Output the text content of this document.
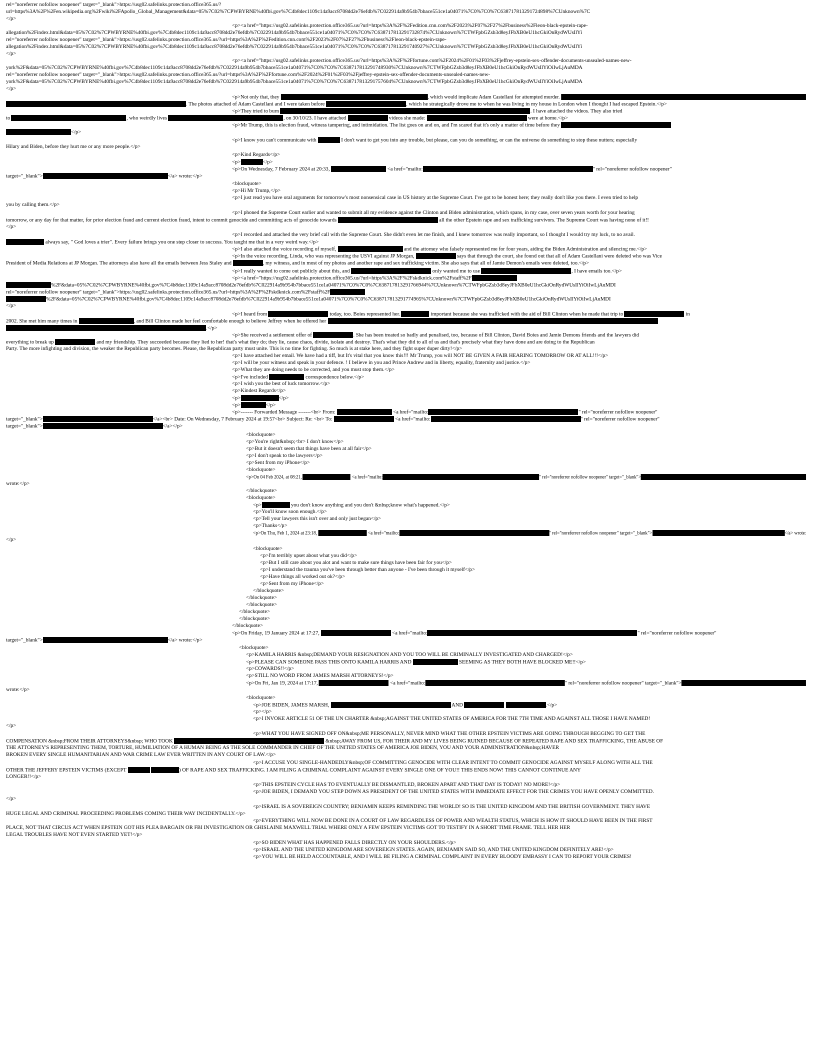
rel="noreferrer nofollow noopener" target="_blank">https://usg02.safelinks.protection.office365.us/?
url=https%3A%2F%2Fen.wikipedia.org%2Fwiki%2FApollo_Global_Management&data=05%7C02%7CPWBYRNE%40fbi.gov%7C4b8dec1109c14a9acc8708dd2e76efdb%7C022914a9b954b7bbace551ce1a04071%7C0%7C0%7C638717813291724898%7CUnknown%7C
</p>
<p><a href="https://usg02.safelinks.protection.office365.us/?url=https%3A%2F%2Fedition.cnn.com%2F2023%2F07%2F27%2Fbusiness%2Fleon-black-epstein-rape-
allegation%2Findex.html&data=05%7C02%7CPWBYRNE%40fbi.gov%7C4b8dec1109c14a9acc8708dd2e76efdb%7C022914a9b954b7bbace551ce1a04071%7C0%7C0%7C638717813291732874%7CUnknown%7CTWFpbGZsb3d8eyJFbXB0eU1hcGkiOnRydWUsIlYi
rel="noreferrer nofollow noopener" target="_blank">https://usg02.safelinks.protection.office365.us/?url=https%3A%2F%2Fedition.cnn.com%2F2023%2F07%2F27%2Fbusiness%2Fleon-black-epstein-rape-
allegation%2Findex.html&data=05%7C02%7CPWBYRNE%40fbi.gov%7C4b8dec1109c14a9acc8708dd2e76efdb%7C022914a9b954b7bbace551ce1a04071%7C0%7C0%7C638717813291740927%7CUnknown%7CTWFpbGZsb3d8eyJFbXB0eU1hcGkiOnRydWUsIlYi
</p>
<p><a href="https://usg02.safelinks.protection.office365.us/?url=https%3A%2F%2Ffortune.com%2F2024%2F01%2F03%2Fjeffrey-epstein-sex-offender-documents-unsealed-names-new-
york%2F&data=05%7C02%7CPWBYRNE%40fbi.gov%7C4b8dec1109c14a9acc8708dd2e76efdb%7C022914a9b954b7bbace551ce1a04071%7C0%7C0%7C638717813291748930%7CUnknown%7CTWFpbGZsb3d8eyJFbXB0eU1hcGkiOnRydWUsIlYiOiIwLjAuMDA
rel="noreferrer nofollow noopener" target="_blank">https://usg02.safelinks.protection.office365.us/?url=https%3A%2F%2Ffortune.com%2F2024%2F01%2F03%2Fjeffrey-epstein-sex-offender-documents-unsealed-names-new-
york%2F&data=05%7C02%7CPWBYRNE%40fbi.gov%7C4b8dec1109c14a9acc8708dd2e76efdb%7C022914a9b954b7bbace551ce1a04071%7C0%7C0%7C638717813291757604%7CUnknown%7CTWFpbGZsb3d8eyJFbXB0eU1hcGkiOnRydWUsIlYiOiIwLjAuMDA
</p>
<p>Not only that, they	, which would implicate Adam Castellani for attempted murder.
. The photos attached of Adam Castellani and I were taken before	, which he strategically drove me to when he was living in my house in London when I thought I had escaped Epstein.</p>
<p>They tried to burn	. I have attached the videos. They also tried
to	, who weirdly lives	, on 30/10/23. I have attached	videos she made:	were at home.</p>
<p>Mr Trump, this is election fraud, witness tampering, and intimidation. The list goes on and on, and I'm scared that it's only a matter of time before they
</p>
<p>I know you can't communicate with	I don't want to get you into any trouble, but please, can you do something, or can the universe do something to stop these nutters; especially
Hilary and Biden, before they hurt me or any more people.</p>
<p>Kind Regards</p>
<p>	</p>
<p>On Wednesday, 7 February 2024 at 20:33,	<a href="mailto:	" rel="noreferrer nofollow noopener"
target="_blank">	</a> wrote:</p>
<blockquote>
<p>Hi Mr Trump,</p>
<p>I just read you have oral arguments for tomorrow's most nonsensical case in US history at the Supreme Court. I've got to be honest here; they really don't like you there. I even tried to help
you by calling them.</p>
<p>I phoned the Supreme Court earlier and wanted to submit all my evidence against the Clinton and Biden administration, which spans, in my case, over seven years worth for your hearing
tomorrow, or any day for that matter, for prior election fraud and current election fraud, intent to commit genocide and committing acts of genocide towards	all the other Epstein rape and sex trafficking survivors. The Supreme Court was having none of it!!
</p>
<p>I recorded and attached the very brief call with the Supreme Court. She didn't even let me finish, and I knew tomorrow was really important, so I thought I would try my luck, to no avail.
always say, " God loves a trier". Every failure brings you one step closer to success. You taught me that in a very weird way.</p>
<p>I also attached the voice recording of myself,	and the attorney who falsely represented me for four years, aiding the Biden Administration and silencing me.</p>
<p>In the voice recording, Linda, who was representing the USVI against JP Morgan,	says that through the court, she found out that all of Adam Castellani were deleted who was Vice
President of Media Relations at JP Morgan. The attorneys also have all the emails between Jess Staley and	, my witness, and in most of my photos and another rape and sex trafficking victim. She also says that all of Jamie Demon's emails were deleted, too.</p>
<p>I really wanted to come out publicly about this, and	only wanted me to use	, I have emails too.</p>
<p><a href="https://usg02.safelinks.protection.office365.us/?url=https%3A%2F%2Fskdknick.com%2Fstaff%2F
%2F&data=05%7C02%7CPWBYRNE%40fbi.gov%7C4b8dec1109c14a9acc8708dd2e76efdb%7C022914a9b954b7bbace551ce1a04071%7C0%7C0%7C638717813291766944%7CUnknown%7CTWFpbGZsb3d8eyJFbXB0eU1hcGkiOnRydWUsIlYiOiIwLjAuMDI
rel="noreferrer nofollow noopener" target="_blank">https://usg02.safelinks.protection.office365.us/?url=https%3A%2F%2Fskdknick.com%2Fstaff%2F
%2F&data=05%7C02%7CPWBYRNE%40fbi.gov%7C4b8dec1109c14a9acc8708dd2e76efdb%7C022914a9b954b7bbace551ce1a04071%7C0%7C0%7C638717813291774965%7CUnknown%7CTWFpbGZsb3d8eyJFbXB0eU1hcGkiOnRydWUsIlYiOiIwLjAuMDI
</p>
<p>I heard from	today, too. Boies represented her.	important because she was trafficked with the aid of Bill Clinton when he made that trip to	in
2002. She met him many times in	, and Bill Clinton made her feel comfortable enough to believe Jeffrey when he offered her
.</p>
<p>She received a settlement offer of	. She has been treated so badly and penalised, too, because of Bill Clinton, David Boies and Jamie Demons friends and the lawyers did
everything to break up	and my friendship. They succeeded because they lied to her! that's what they do; they lie, cause chaos, divide, isolate and destroy. That's what they did to all of us and that's precisely what they have done and are doing to the Republican
Party. The more infighting and division, the weaker the Republican party becomes. Please, the Republican party must unite. This is no time for fighting. So much is at stake here, and they fight super duper dirty!</p>
<p>I have attached her email. We have had a tiff, but It's vital that you know this!!! Mr Trump, you will NOT BE GIVEN A FAIR HEARING TOMORROW OR AT ALL!!!</p>
<p>I will be your witness and speak in your defence. ! I believe in you and Prince Andrew and in liberty, equality, fraternity and justice.</p>
<p>What they are doing needs to be corrected, and you must stop them.</p>
<p>I've included	correspondence below.</p>
<p>I wish you the best of luck tomorrow.</p>
<p>Kindest Regards</p>
<p>	</p>
<p>	</p>
<p>------- Forwarded Message -------<br> From:	<a href="mailto:	" rel="noreferrer nofollow noopener"
target="_blank">	</a><br> Date: On Wednesday, 7 February 2024 at 19:57<br> Subject: Re: <br> To:	<a href="mailto:	" rel="noreferrer nofollow noopener"
target="_blank">	</a></p>
<blockquote>
<p>You're right&nbsp;<br> I don't know</p>
<p>But it doesn't seem that things have been at all fair</p>
<p>I don't speak to the lawyers</p>
<p>Sent from my iPhone</p>
<blockquote>
<p>On 04 Feb 2024, at 08:21,	<a href="mailto:	" rel="noreferrer nofollow noopener" target="_blank">
wrote:</p>
</blockquote>
<blockquote>
<p>	you don't know anything and you don't &nbsp;know what's happened.</p>
<p>You'll know soon enough.</p>
<p>Tell your lawyers this isn't over and only just began</p>
<p>Thanks</p>
<p>On Thu, Feb 1, 2024 at 23:18,	<a href="mailto:	" rel="noreferrer nofollow noopener" target="_blank">	</a> wrote:
</p>
<blockquote>
<p>I'm terribly upset about what you did</p>
<p>But I still care about you alot and want to make sure things have been fair for you</p>
<p>I understand the trauma you've been through better than anyone - I've been through it myself</p>
<p>Have things all worked out ok?</p>
<p>Sent from my iPhone</p>
</blockquote>
</blockquote>
</blockquote>
</blockquote>
</blockquote>
</blockquote>
<p>On Friday, 19 January 2024 at 17:27,	<a href="mailto:	" rel="noreferrer nofollow noopener"
target="_blank">	</a> wrote:</p>
<blockquote>
<p>KAMILA HARRIS &nbsp;DEMAND YOUR RESIGNATION AND YOU TOO WILL BE CRIMINALLY INVESTIGATED AND CHARGED!</p>
<p>PLEASE CAN SOMEONE PASS THIS ONTO KAMILA HARRIS AND	SEEMING AS THEY BOTH HAVE BLOCKED ME!!</p>
<p>COWARDS!!</p>
<p>STILL NO WORD FROM JAMES MARSH ATTORNEYS!</p>
<p>On Fri, Jan 19, 2024 at 17:17,	<a href="mailto:	" rel="noreferrer nofollow noopener" target="_blank">
wrote:</p>
<blockquote>
<p>JOE BIDEN, JAMES MARSH,	AND	.</p>
<p></p>
<p>I INVOKE ARTICLE 51 OF THE UN CHARTER &nbsp;AGAINST THE UNITED STATES OF AMERICA FOR THE 7TH TIME AND AGAINST ALL THOSE I HAVE NAMED!
</p>
<p>WHAT YOU HAVE SIGNED OFF ON&nbsp;ME PERSONALLY, NEVER MIND WHAT THE OTHER EPSTEIN VICTIMS ARE GOING THROUGH BEGGING TO GET THE
COMPENSATION &nbsp;FROM THEIR ATTORNEYS&nbsp; WHO TOOK	&nbsp;AWAY FROM US, FOR THEIR AND MY LIVES BEING RUINED BECAUSE OF REPEATED RAPE AND SEX TRAFFICKING, THE ABUSE OF
THE ATTORNEY'S REPRESENTING THEM, TORTURE, HUMILIATION OF A HUMAN BEING AS THE SOLE COMMANDER IN CHIEF OF THE UNITED STATES OF AMERICA JOE BIDEN, YOU AND YOUR ADMINISTRATION&nbsp;HAVER
BROKEN EVERY SINGLE HUMANITARIAN AND WAR CRIME LAW EVER WRITTEN IN ANY COURT OF LAW.</p>
<p>I ACCUSE YOU SINGLE-HANDEDLY&nbsp;OF COMMITTING GENOCIDE WITH CLEAR INTENT TO COMMIT GENOCIDE AGAINST MYSELF ALONG WITH ALL THE
OTHER THE JEFFERY EPSTEIN VICTIMS (EXCEPT	) OF RAPE AND SEX TRAFFICKING. I AM FILING A CRIMINAL COMPLAINT AGAINST EVERY SINGLE ONE OF YOU!! THIS ENDS NOW! THIS CANNOT CONTINUE ANY
LONGER!!</p>
<p>THIS EPSTEIN CYCLE HAS TO EVENTUALLY BE DISMANTLED, BROKEN APART AND THAT DAY IS TODAY! NO MORE!</p>
<p>JOE BIDEN, I DEMAND YOU STEP DOWN AS PRESIDENT OF THE UNITED STATES WITH IMMEDIATE EFFECT FOR THE CRIMES YOU HAVE OPENLY COMMITTED.
</p>
<p>ISRAEL IS A SOVEREIGN COUNTRY; BENJAMIN KEEPS REMINDING THE WORLD! SO IS THE UNITED KINGDOM AND THE BRITISH GOVERNMENT. THEY HAVE
HUGE LEGAL AND CRIMINAL PROCEEDING PROBLEMS COMING THEIR WAY INCIDENTALLY.</p>
<p>EVERYTHING WILL NOW BE DONE IN A COURT OF LAW REGARDLESS OF POWER AND WEALTH STATUS, WHICH IS HOW IT SHOULD HAVE BEEN IN THE FIRST
PLACE, NOT THAT CIRCUS ACT WHEN EPSTEIN GOT HIS PLEA BARGAIN OR FBI INVESTIGATION OR GHISLAINE MAXWELL TRIAL WHERE ONLY A FEW EPSTEIN VICTIMS GOT TO TESTIFY IN A SHORT TIME FRAME. TELL HER HER
LEGAL TROUBLES HAVE NOT EVEN STARTED YET!</p>
<p>SO BIDEN WHAT HAS HAPPENED FALLS DIRECTLY ON YOUR SHOULDERS.</p>
<p>ISRAEL AND THE UNITED KINGDOM ARE SOVEREIGN STATES. AGAIN, BENJAMIN SAID SO, AND THE UNITED KINGDOM DEFINITELY ARE!</p>
<p>YOU WILL BE HELD ACCOUNTABLE, AND I WILL BE FILING A CRIMINAL COMPLAINT IN EVERY BLOODY EMBASSY I CAN TO REPORT YOUR CRIMES!
